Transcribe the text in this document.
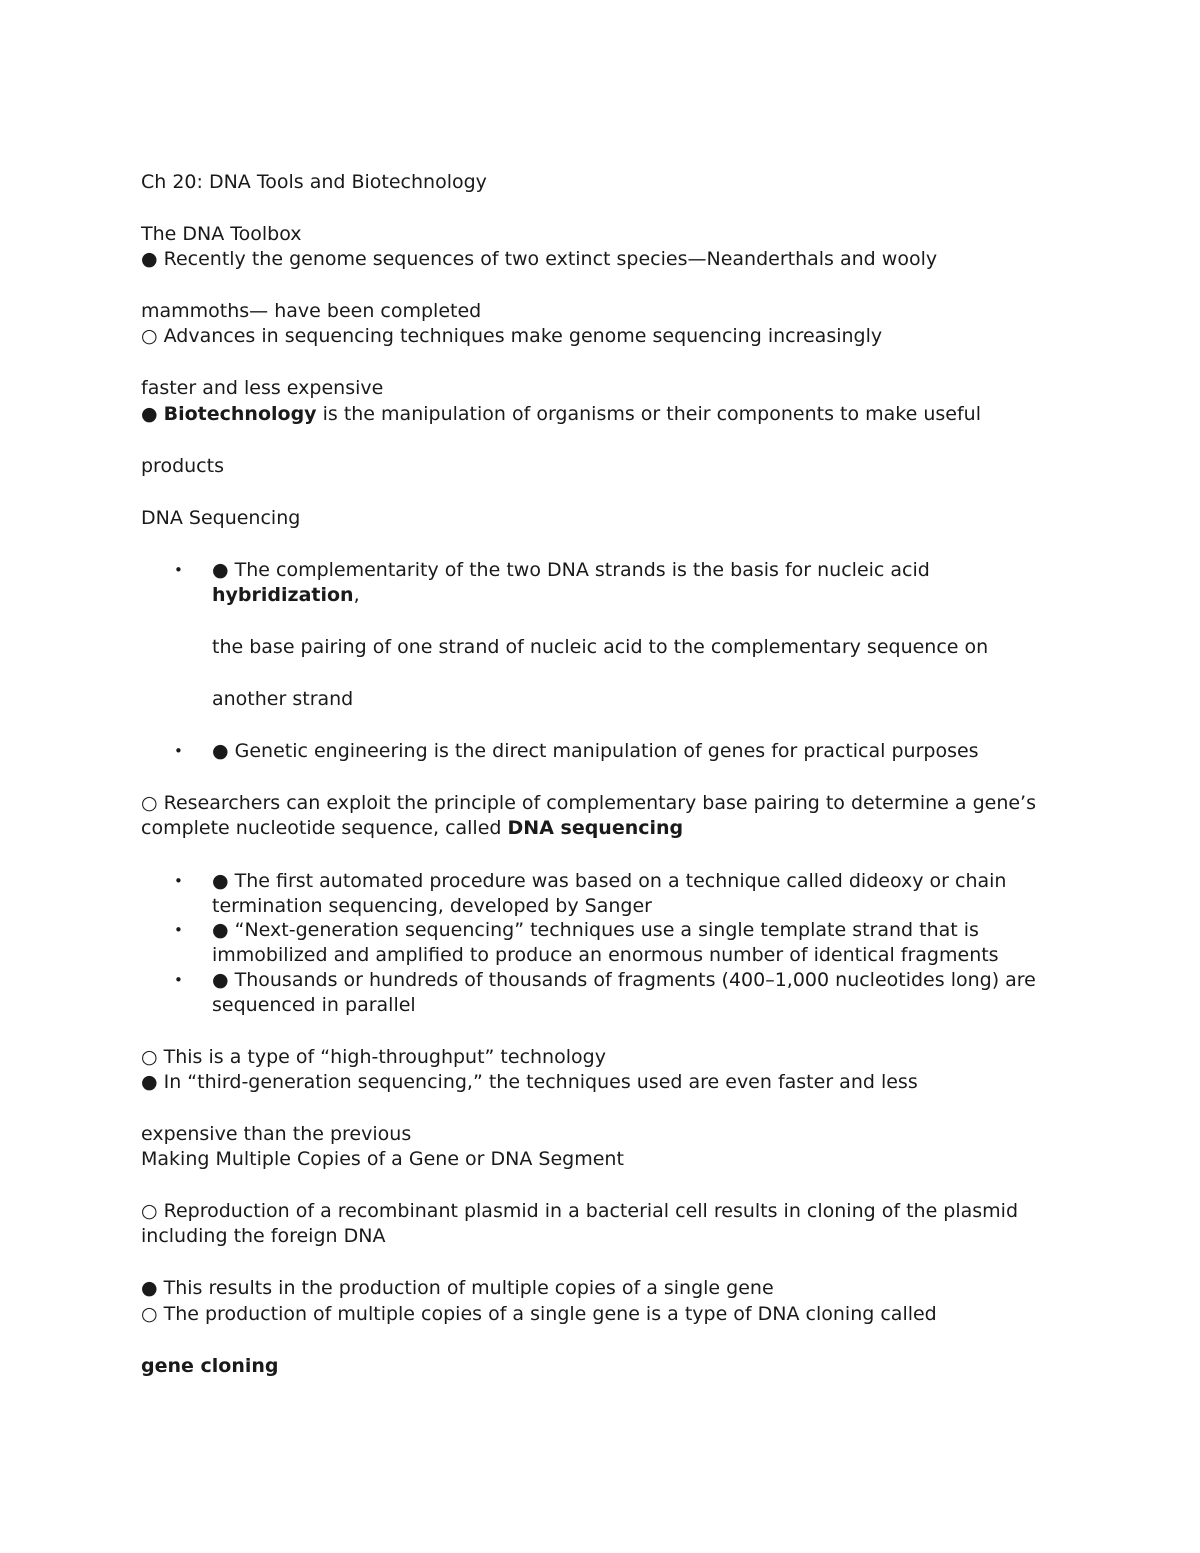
Ch 20: DNA Tools and Biotechnology
The DNA Toolbox
● Recently the genome sequences of two extinct species—Neanderthals and wooly
mammoths— have been completed
○ Advances in sequencing techniques make genome sequencing increasingly
faster and less expensive
● Biotechnology is the manipulation of organisms or their components to make useful
products
DNA Sequencing
• ● The complementarity of the two DNA strands is the basis for nucleic acid
hybridization,
the base pairing of one strand of nucleic acid to the complementary sequence on
another strand
• ● Genetic engineering is the direct manipulation of genes for practical purposes
○ Researchers can exploit the principle of complementary base pairing to determine a gene’s
complete nucleotide sequence, called DNA sequencing
• ● The first automated procedure was based on a technique called dideoxy or chain
termination sequencing, developed by Sanger
• ● “Next-generation sequencing” techniques use a single template strand that is
immobilized and amplified to produce an enormous number of identical fragments
• ● Thousands or hundreds of thousands of fragments (400–1,000 nucleotides long) are
sequenced in parallel
○ This is a type of “high-throughput” technology
● In “third-generation sequencing,” the techniques used are even faster and less
expensive than the previous
Making Multiple Copies of a Gene or DNA Segment
○ Reproduction of a recombinant plasmid in a bacterial cell results in cloning of the plasmid
including the foreign DNA
● This results in the production of multiple copies of a single gene
○ The production of multiple copies of a single gene is a type of DNA cloning called
gene cloning
